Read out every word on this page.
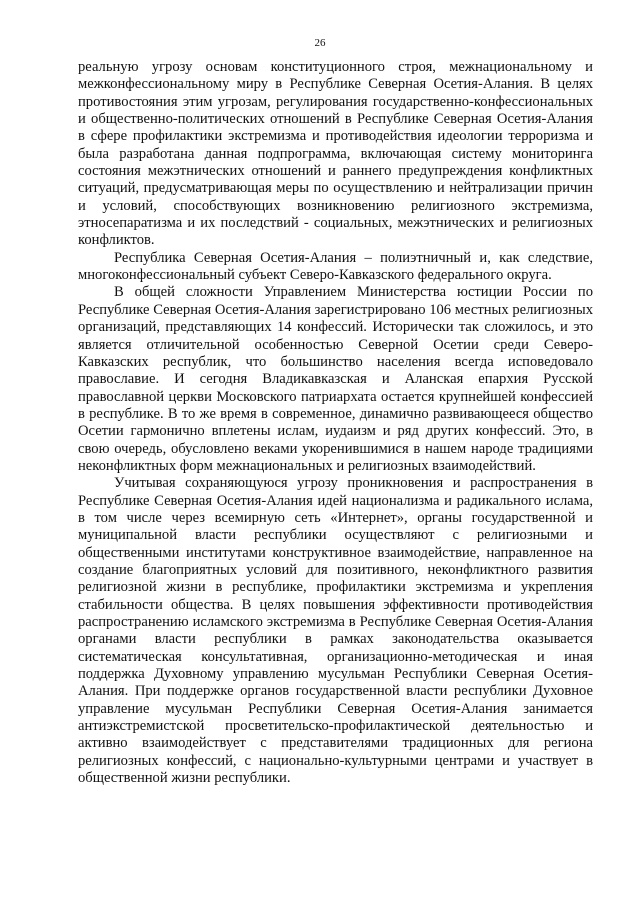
26

реальную угрозу основам конституционного строя, межнациональному и межконфессиональному миру в Республике Северная Осетия-Алания. В целях противостояния этим угрозам, регулирования государственно-конфессиональных и общественно-политических отношений в Республике Северная Осетия-Алания в сфере профилактики экстремизма и противодействия идеологии терроризма и была разработана данная подпрограмма, включающая систему мониторинга состояния межэтнических отношений и раннего предупреждения конфликтных ситуаций, предусматривающая меры по осуществлению и нейтрализации причин и условий, способствующих возникновению религиозного экстремизма, этносепаратизма и их последствий - социальных, межэтнических и религиозных конфликтов.

Республика Северная Осетия-Алания – полиэтничный и, как следствие, многоконфессиональный субъект Северо-Кавказского федерального округа.

В общей сложности Управлением Министерства юстиции России по Республике Северная Осетия-Алания зарегистрировано 106 местных религиозных организаций, представляющих 14 конфессий. Исторически так сложилось, и это является отличительной особенностью Северной Осетии среди Северо-Кавказских республик, что большинство населения всегда исповедовало православие. И сегодня Владикавказская и Аланская епархия Русской православной церкви Московского патриархата остается крупнейшей конфессией в республике. В то же время в современное, динамично развивающееся общество Осетии гармонично вплетены ислам, иудаизм и ряд других конфессий. Это, в свою очередь, обусловлено веками укоренившимися в нашем народе традициями неконфликтных форм межнациональных и религиозных взаимодействий.

Учитывая сохраняющуюся угрозу проникновения и распространения в Республике Северная Осетия-Алания идей национализма и радикального ислама, в том числе через всемирную сеть «Интернет», органы государственной и муниципальной власти республики осуществляют с религиозными и общественными институтами конструктивное взаимодействие, направленное на создание благоприятных условий для позитивного, неконфликтного развития религиозной жизни в республике, профилактики экстремизма и укрепления стабильности общества. В целях повышения эффективности противодействия распространению исламского экстремизма в Республике Северная Осетия-Алания органами власти республики в рамках законодательства оказывается систематическая консультативная, организационно-методическая и иная поддержка Духовному управлению мусульман Республики Северная Осетия-Алания. При поддержке органов государственной власти республики Духовное управление мусульман Республики Северная Осетия-Алания занимается антиэкстремистской просветительско-профилактической деятельностью и активно взаимодействует с представителями традиционных для региона религиозных конфессий, с национально-культурными центрами и участвует в общественной жизни республики.
